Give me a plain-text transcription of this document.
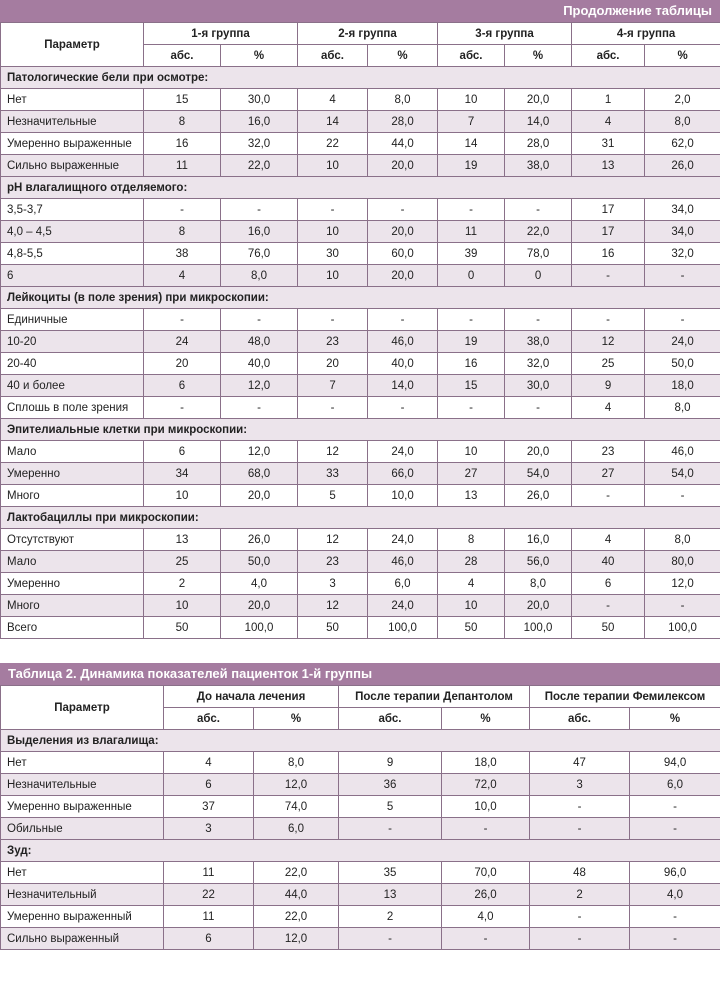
Продолжение таблицы
Параметр	1-я группа		2-я группа		3-я группа		4-я группа	
	абс.	%	абс.	%	абс.	%	абс.	%
Патологические бели при осмотре:								
Нет	15	30,0	4	8,0	10	20,0	1	2,0
Незначительные	8	16,0	14	28,0	7	14,0	4	8,0
Умеренно выраженные	16	32,0	22	44,0	14	28,0	31	62,0
Сильно выраженные	11	22,0	10	20,0	19	38,0	13	26,0
pH влагалищного отделяемого:								
3,5-3,7	-	-	-	-	-	-	17	34,0
4,0 – 4,5	8	16,0	10	20,0	11	22,0	17	34,0
4,8-5,5	38	76,0	30	60,0	39	78,0	16	32,0
6	4	8,0	10	20,0	0	0	-	-
Лейкоциты (в поле зрения) при микроскопии:								
Единичные	-	-	-	-	-	-	-	-
10-20	24	48,0	23	46,0	19	38,0	12	24,0
20-40	20	40,0	20	40,0	16	32,0	25	50,0
40 и более	6	12,0	7	14,0	15	30,0	9	18,0
Сплошь в поле зрения	-	-	-	-	-	-	4	8,0
Эпителиальные клетки при микроскопии:								
Мало	6	12,0	12	24,0	10	20,0	23	46,0
Умеренно	34	68,0	33	66,0	27	54,0	27	54,0
Много	10	20,0	5	10,0	13	26,0	-	-
Лактобациллы при микроскопии:								
Отсутствуют	13	26,0	12	24,0	8	16,0	4	8,0
Мало	25	50,0	23	46,0	28	56,0	40	80,0
Умеренно	2	4,0	3	6,0	4	8,0	6	12,0
Много	10	20,0	12	24,0	10	20,0	-	-
Всего	50	100,0	50	100,0	50	100,0	50	100,0
Таблица 2. Динамика показателей пациенток 1-й группы
Параметр	До начала лечения		После терапии Депантолом		После терапии Фемилексом	
	абс.	%	абс.	%	абс.	%
Выделения из влагалища:						
Нет	4	8,0	9	18,0	47	94,0
Незначительные	6	12,0	36	72,0	3	6,0
Умеренно выраженные	37	74,0	5	10,0	-	-
Обильные	3	6,0	-	-	-	-
Зуд:						
Нет	11	22,0	35	70,0	48	96,0
Незначительный	22	44,0	13	26,0	2	4,0
Умеренно выраженный	11	22,0	2	4,0	-	-
Сильно выраженный	6	12,0	-	-	-	-
